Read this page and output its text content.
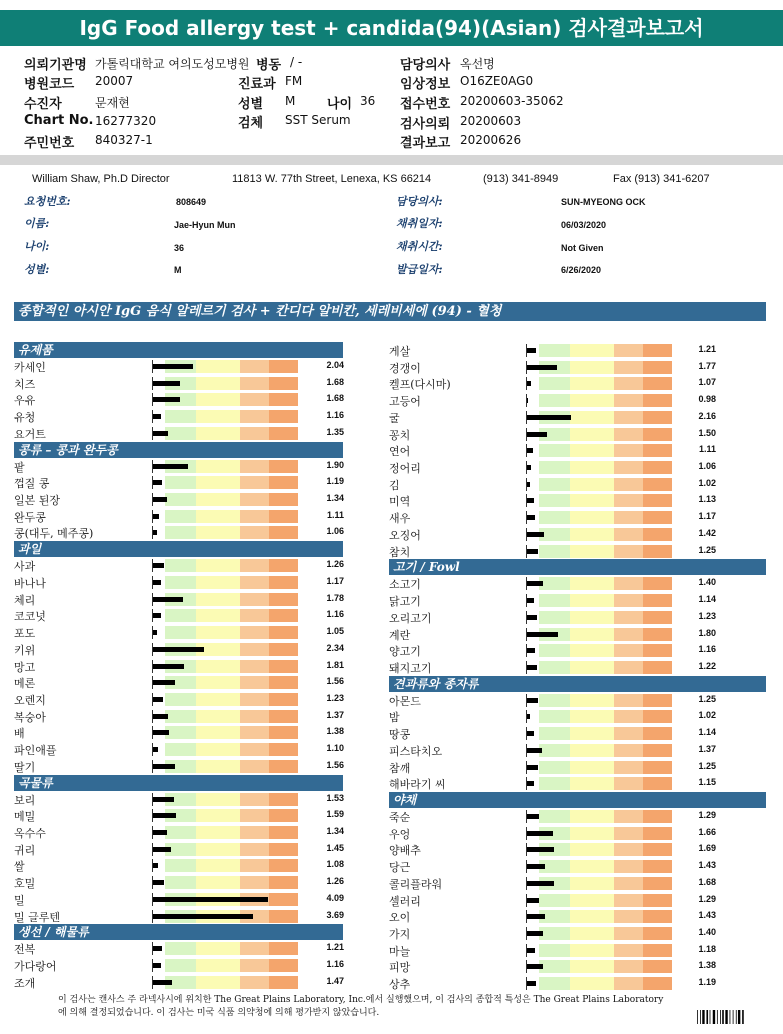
IgG Food allergy test + candida(94)(Asian) 검사결과보고서
의뢰기관명 가톨릭대학교 여의도성모병원 병동 / -	담당의사 옥선명
병원코드 20007	진료과 FM	임상정보 O16ZE0AG0
수진자	문재현	성별 M 나이 36 접수번호 20200603-35062
Chart No. 16277320	검체 SST Serum	검사의뢰 20200603
주민번호 840327-1	결과보고 20200626
William Shaw, Ph.D Director	11813 W. 77th Street, Lenexa, KS 66214	(913) 341-8949	Fax (913) 341-6207
요청번호:	808649
이름:	Jae-Hyun Mun
나이:	36
성별:	M
담당의사:	SUN-MYEONG OCK
채취일자:	06/03/2020
채취시간:	Not Given
발급일자:	6/26/2020
종합적인 아시안 IgG 음식 알레르기 검사 + 칸디다 알비칸, 세레비세에 (94) - 혈청
유제품
카세인	2.04
치즈	1.68
우유	1.68
유청	1.16
요거트	1.35
콩류 – 콩과 완두콩
팥	1.90
껍질 콩	1.19
일본 된장	1.34
완두콩	1.11
콩(대두, 메주콩)	1.06
과일
사과	1.26
바나나	1.17
체리	1.78
코코넛	1.16
포도	1.05
키위	2.34
망고	1.81
메론	1.56
오렌지	1.23
복숭아	1.37
배	1.38
파인애플	1.10
딸기	1.56
곡물류
보리	1.53
메밀	1.59
옥수수	1.34
귀리	1.45
쌀	1.08
호밀	1.26
밀	4.09
밀 글루텐	3.69
생선 / 해물류
전복	1.21
가다랑어	1.16
조개	1.47
게살	1.21
경갱이	1.77
켈프(다시마)	1.07
고등어	0.98
굴	2.16
꽁치	1.50
연어	1.11
정어리	1.06
김	1.02
미역	1.13
새우	1.17
오징어	1.42
참치	1.25
고기 / Fowl
소고기	1.40
닭고기	1.14
오리고기	1.23
계란	1.80
양고기	1.16
돼지고기	1.22
견과류와 종자류
아몬드	1.25
밤	1.02
땅콩	1.14
피스타치오	1.37
참깨	1.25
해바라기 씨	1.15
야채
죽순	1.29
우엉	1.66
양배추	1.69
당근	1.43
콜리플라워	1.68
셀러리	1.29
오이	1.43
가지	1.40
마늘	1.18
피망	1.38
상추	1.19
이 검사는 캔사스 주 라넥사시에 위치한 The Great Plains Laboratory, Inc.에서 실행했으며, 이 검사의 종합적 특성은 The Great Plains Laboratory에 의해 결정되었습니다. 이 검사는 미국 식품 의약청에 의해 평가받지 않았습니다.
